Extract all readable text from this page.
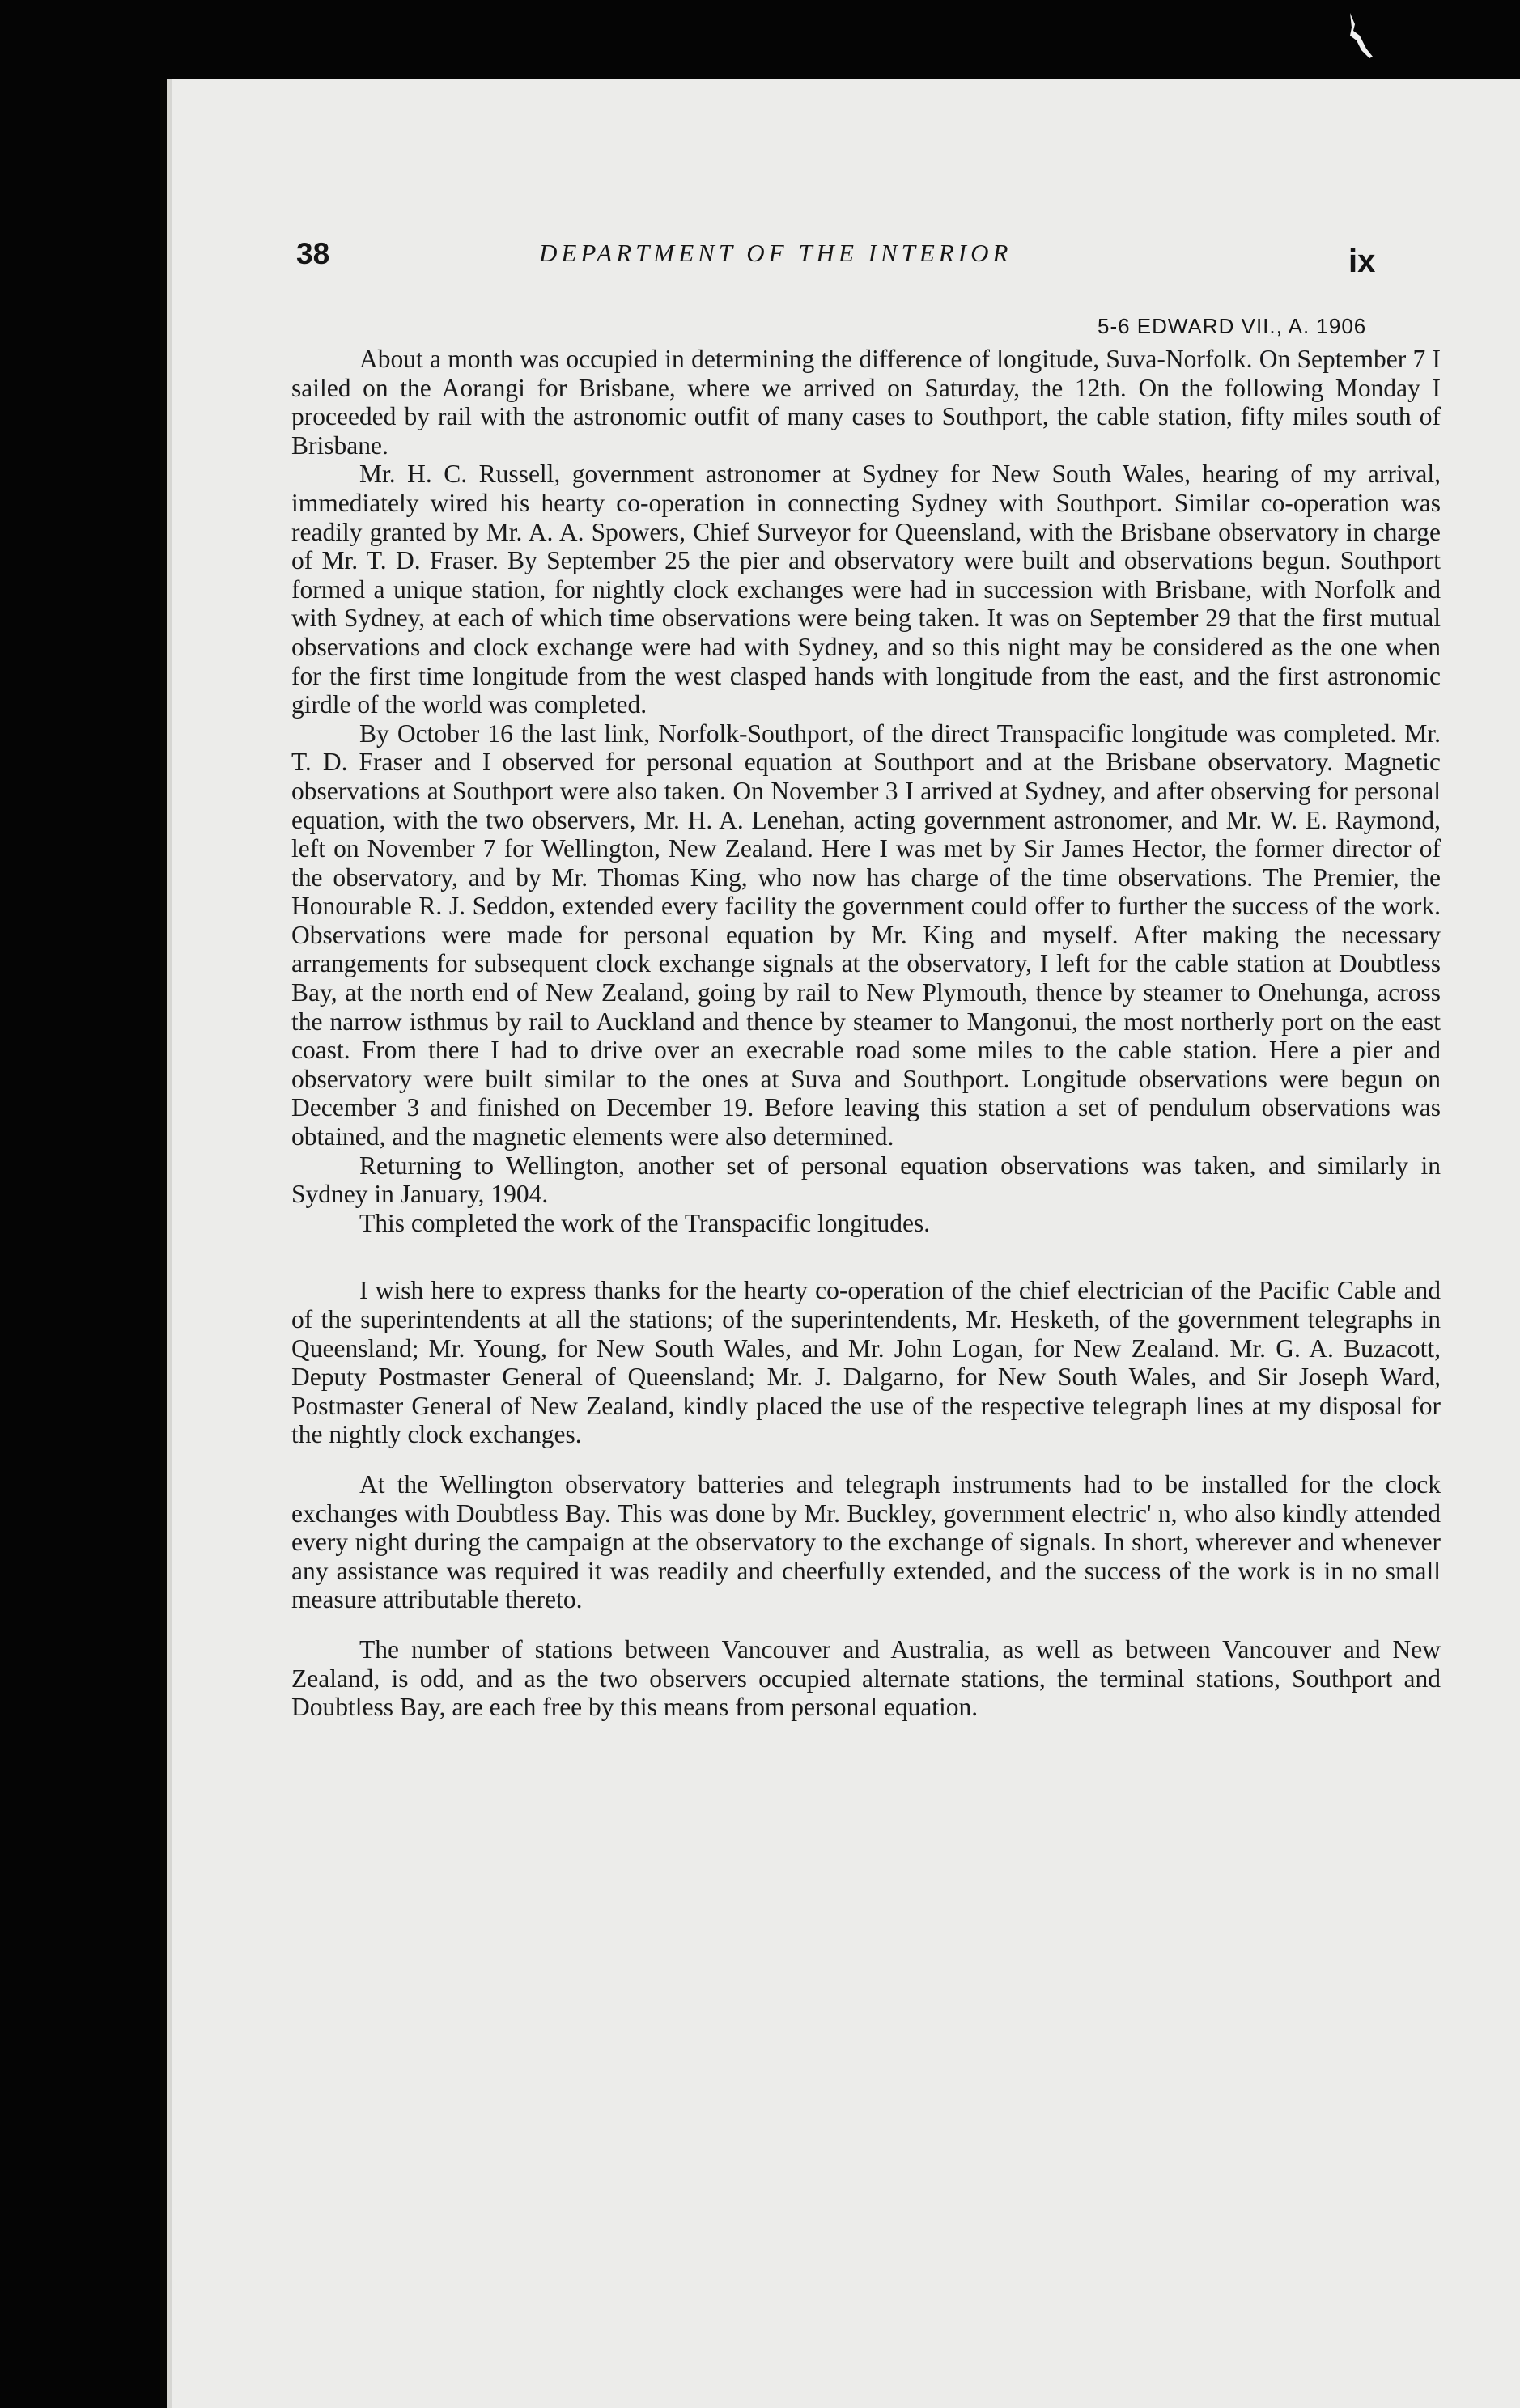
38	DEPARTMENT OF THE INTERIOR	ix
5-6 EDWARD VII., A. 1906

About a month was occupied in determining the difference of longitude, Suva-Norfolk. On September 7 I sailed on the Aorangi for Brisbane, where we arrived on Saturday, the 12th. On the following Monday I proceeded by rail with the astronomic outfit of many cases to Southport, the cable station, fifty miles south of Brisbane.

Mr. H. C. Russell, government astronomer at Sydney for New South Wales, hearing of my arrival, immediately wired his hearty co-operation in connecting Sydney with Southport. Similar co-operation was readily granted by Mr. A. A. Spowers, Chief Surveyor for Queensland, with the Brisbane observatory in charge of Mr. T. D. Fraser. By September 25 the pier and observatory were built and observations begun. Southport formed a unique station, for nightly clock exchanges were had in succession with Brisbane, with Norfolk and with Sydney, at each of which time observations were being taken. It was on September 29 that the first mutual observations and clock exchange were had with Sydney, and so this night may be considered as the one when for the first time longitude from the west clasped hands with longitude from the east, and the first astronomic girdle of the world was completed.

By October 16 the last link, Norfolk-Southport, of the direct Transpacific longitude was completed. Mr. T. D. Fraser and I observed for personal equation at Southport and at the Brisbane observatory. Magnetic observations at Southport were also taken. On November 3 I arrived at Sydney, and after observing for personal equation, with the two observers, Mr. H. A. Lenehan, acting government astronomer, and Mr. W. E. Raymond, left on November 7 for Wellington, New Zealand. Here I was met by Sir James Hector, the former director of the observatory, and by Mr. Thomas King, who now has charge of the time observations. The Premier, the Honourable R. J. Seddon, extended every facility the government could offer to further the success of the work. Observations were made for personal equation by Mr. King and myself. After making the necessary arrangements for subsequent clock exchange signals at the observatory, I left for the cable station at Doubtless Bay, at the north end of New Zealand, going by rail to New Plymouth, thence by steamer to Onehunga, across the narrow isthmus by rail to Auckland and thence by steamer to Mangonui, the most northerly port on the east coast. From there I had to drive over an execrable road some miles to the cable station. Here a pier and observatory were built similar to the ones at Suva and Southport. Longitude observations were begun on December 3 and finished on December 19. Before leaving this station a set of pendulum observations was obtained, and the magnetic elements were also determined.

Returning to Wellington, another set of personal equation observations was taken, and similarly in Sydney in January, 1904.

This completed the work of the Transpacific longitudes.

I wish here to express thanks for the hearty co-operation of the chief electrician of the Pacific Cable and of the superintendents at all the stations; of the superintendents, Mr. Hesketh, of the government telegraphs in Queensland; Mr. Young, for New South Wales, and Mr. John Logan, for New Zealand. Mr. G. A. Buzacott, Deputy Postmaster General of Queensland; Mr. J. Dalgarno, for New South Wales, and Sir Joseph Ward, Postmaster General of New Zealand, kindly placed the use of the respective telegraph lines at my disposal for the nightly clock exchanges.

At the Wellington observatory batteries and telegraph instruments had to be installed for the clock exchanges with Doubtless Bay. This was done by Mr. Buckley, government electric' n, who also kindly attended every night during the campaign at the observatory to the exchange of signals. In short, wherever and whenever any assistance was required it was readily and cheerfully extended, and the success of the work is in no small measure attributable thereto.

The number of stations between Vancouver and Australia, as well as between Vancouver and New Zealand, is odd, and as the two observers occupied alternate stations, the terminal stations, Southport and Doubtless Bay, are each free by this means from personal equation.
